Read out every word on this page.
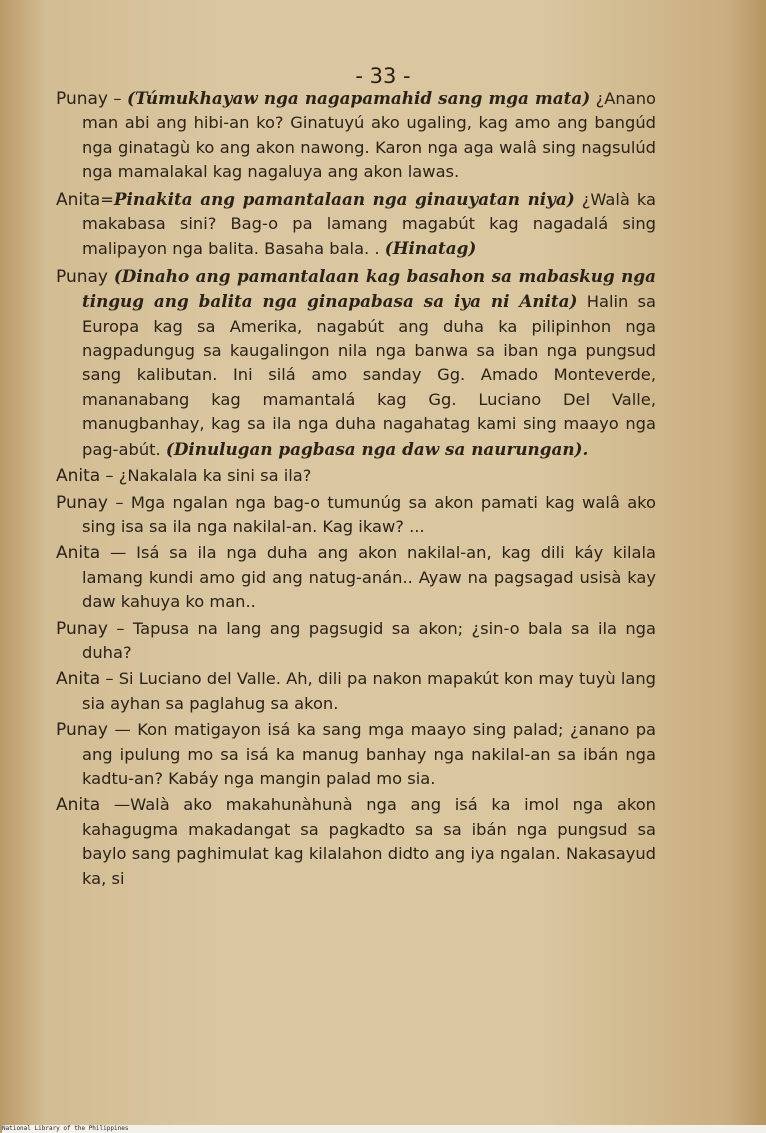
- 33 -

Punay – (Túmukhayaw nga nagapamahid sang mga mata) ¿Anano man abi ang hibi-an ko? Ginatuyú ako ugaling, kag amo ang bangúd nga ginatagù ko ang akon nawong. Karon nga aga walâ sing nagsulúd nga mamalakal kag nagaluya ang akon lawas.

Anita=Pinakita ang pamantalaan nga ginauyatan niya) ¿Walà ka makabasa sini? Bag-o pa lamang magabút kag nagadalá sing malipayon nga balita. Basaha bala. . (Hinatag)

Punay (Dinaho ang pamantalaan kag basahon sa mabaskug nga tingug ang balita nga ginapabasa sa iya ni Anita) Halin sa Europa kag sa Amerika, nagabút ang duha ka pilipinhon nga nagpadungug sa kaugalingon nila nga banwa sa iban nga pungsud sang kalibutan. Ini silá amo sanday Gg. Amado Monteverde, mananabang kag mamantalá kag Gg. Luciano Del Valle, manugbanhay, kag sa ila nga duha nagahatag kami sing maayo nga pag-abút. (Dinulugan pagbasa nga daw sa naurungan).

Anita – ¿Nakalala ka sini sa ila?

Punay – Mga ngalan nga bag-o tumunúg sa akon pamati kag walâ ako sing isa sa ila nga nakilal-an. Kag ikaw? ...

Anita — Isá sa ila nga duha ang akon nakilal-an, kag dili káy kilala lamang kundi amo gid ang natug-anán.. Ayaw na pagsagad usisà kay daw kahuya ko man..

Punay – Tapusa na lang ang pagsugid sa akon; ¿sin-o bala sa ila nga duha?

Anita – Si Luciano del Valle. Ah, dili pa nakon mapakút kon may tuyù lang sia ayhan sa paglahug sa akon.

Punay — Kon matigayon isá ka sang mga maayo sing palad; ¿anano pa ang ipulung mo sa isá ka manug banhay nga nakilal-an sa ibán nga kadtu-an? Kabáy nga mangin palad mo sia.

Anita —Walà ako makahunàhunà nga ang isá ka imol nga akon kahagugma makadangat sa pagkadto sa sa ibán nga pungsud sa baylo sang paghimulat kag kilalahon didto ang iya ngalan. Nakasayud ka, si

National Library of the Philippines
